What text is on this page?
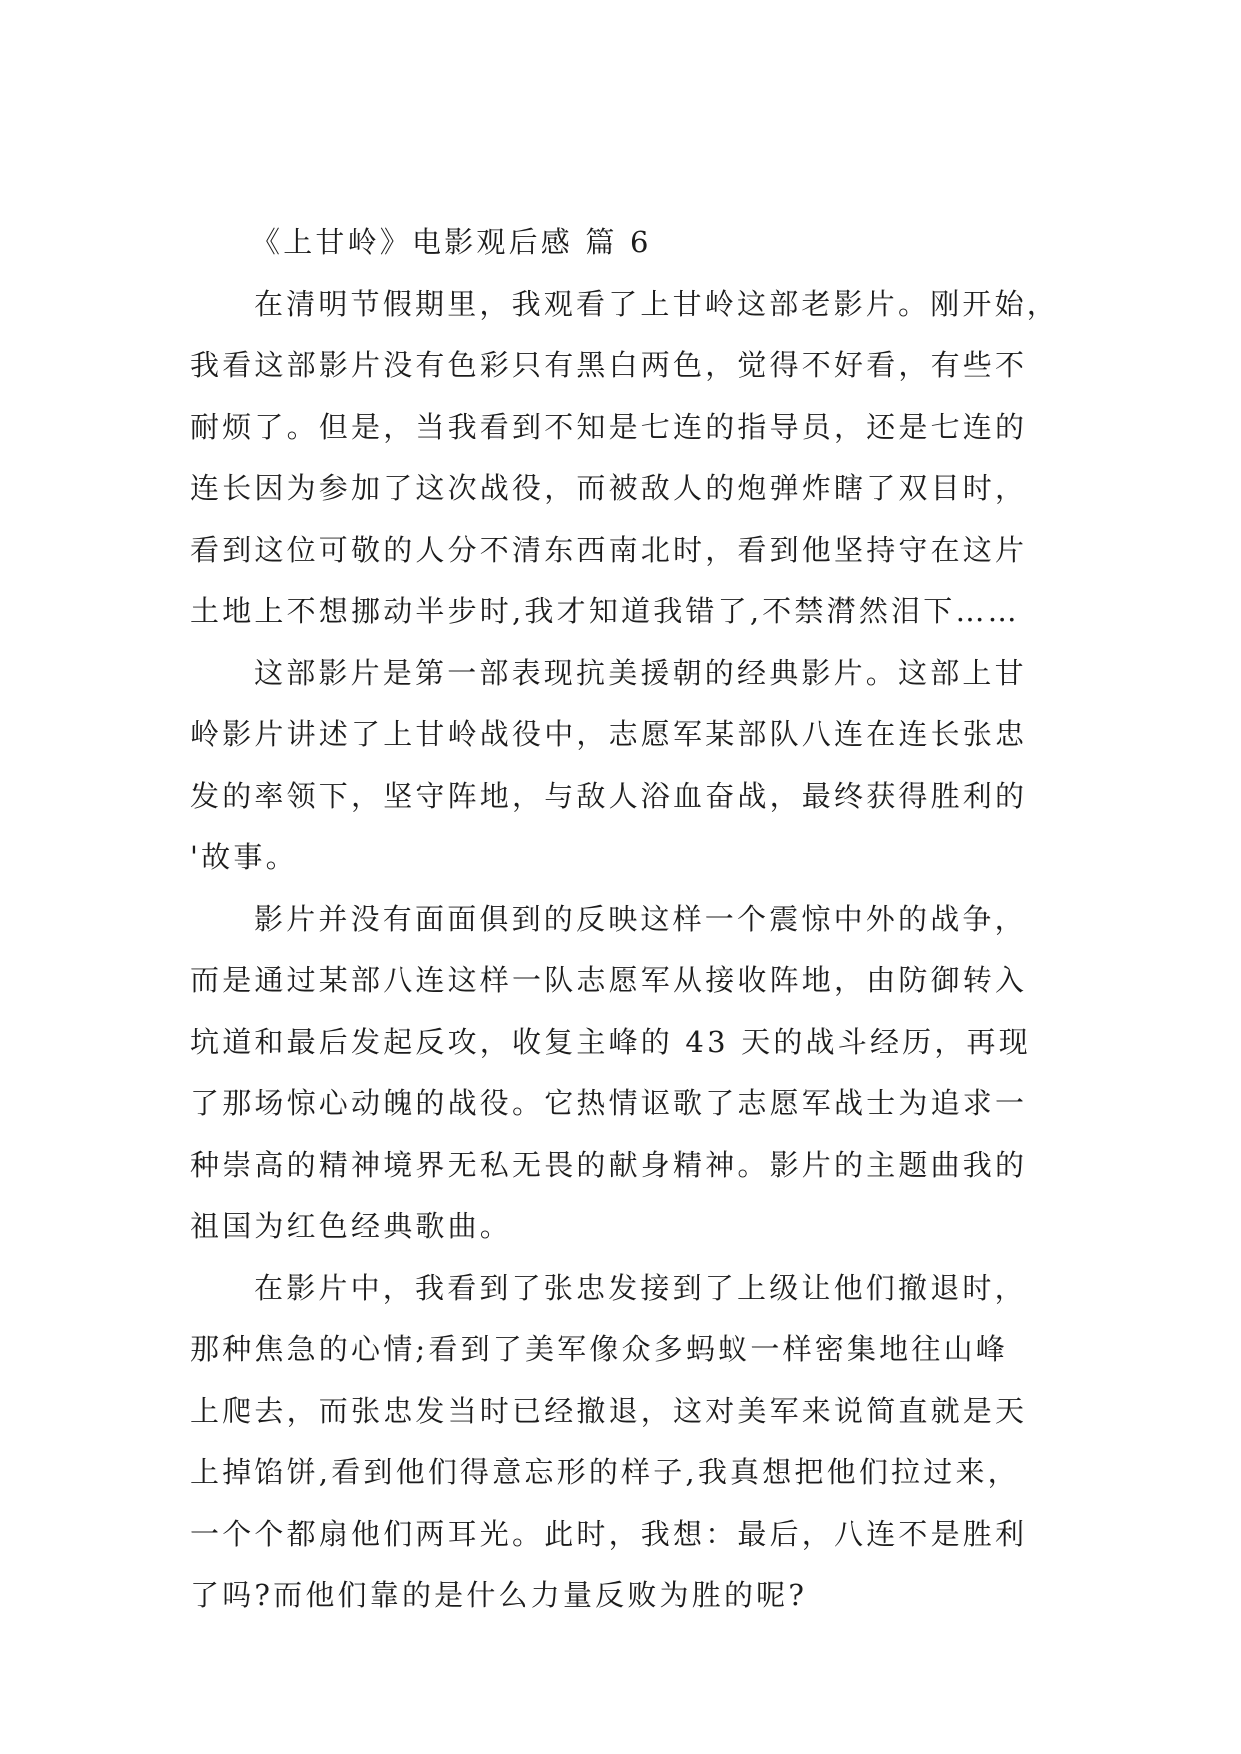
《上甘岭》电影观后感 篇 6

在清明节假期里，我观看了上甘岭这部老影片。刚开始，
我看这部影片没有色彩只有黑白两色，觉得不好看，有些不
耐烦了。但是，当我看到不知是七连的指导员，还是七连的
连长因为参加了这次战役，而被敌人的炮弹炸瞎了双目时，
看到这位可敬的人分不清东西南北时，看到他坚持守在这片
土地上不想挪动半步时,我才知道我错了,不禁潸然泪下……

这部影片是第一部表现抗美援朝的经典影片。这部上甘
岭影片讲述了上甘岭战役中，志愿军某部队八连在连长张忠
发的率领下，坚守阵地，与敌人浴血奋战，最终获得胜利的
'故事。

影片并没有面面俱到的反映这样一个震惊中外的战争，
而是通过某部八连这样一队志愿军从接收阵地，由防御转入
坑道和最后发起反攻，收复主峰的 43 天的战斗经历，再现
了那场惊心动魄的战役。它热情讴歌了志愿军战士为追求一
种崇高的精神境界无私无畏的献身精神。影片的主题曲我的
祖国为红色经典歌曲。

在影片中，我看到了张忠发接到了上级让他们撤退时，
那种焦急的心情;看到了美军像众多蚂蚁一样密集地往山峰
上爬去，而张忠发当时已经撤退，这对美军来说简直就是天
上掉馅饼,看到他们得意忘形的样子,我真想把他们拉过来，
一个个都扇他们两耳光。此时，我想：最后，八连不是胜利
了吗?而他们靠的是什么力量反败为胜的呢?
